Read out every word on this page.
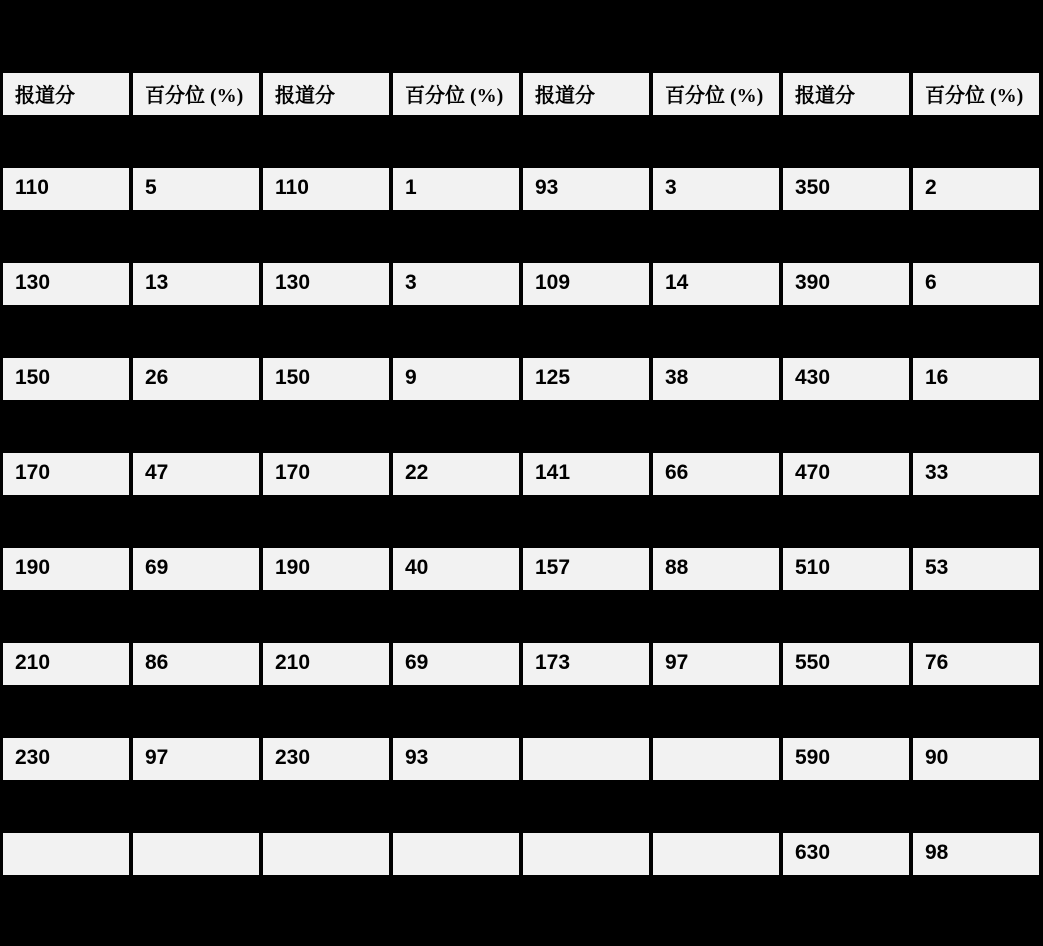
报道分	百分位 (%)	报道分	百分位 (%)	报道分	百分位 (%)	报道分	百分位 (%)
110	5	110	1	93	3	350	2
130	13	130	3	109	14	390	6
150	26	150	9	125	38	430	16
170	47	170	22	141	66	470	33
190	69	190	40	157	88	510	53
210	86	210	69	173	97	550	76
230	97	230	93			590	90
						630	98
